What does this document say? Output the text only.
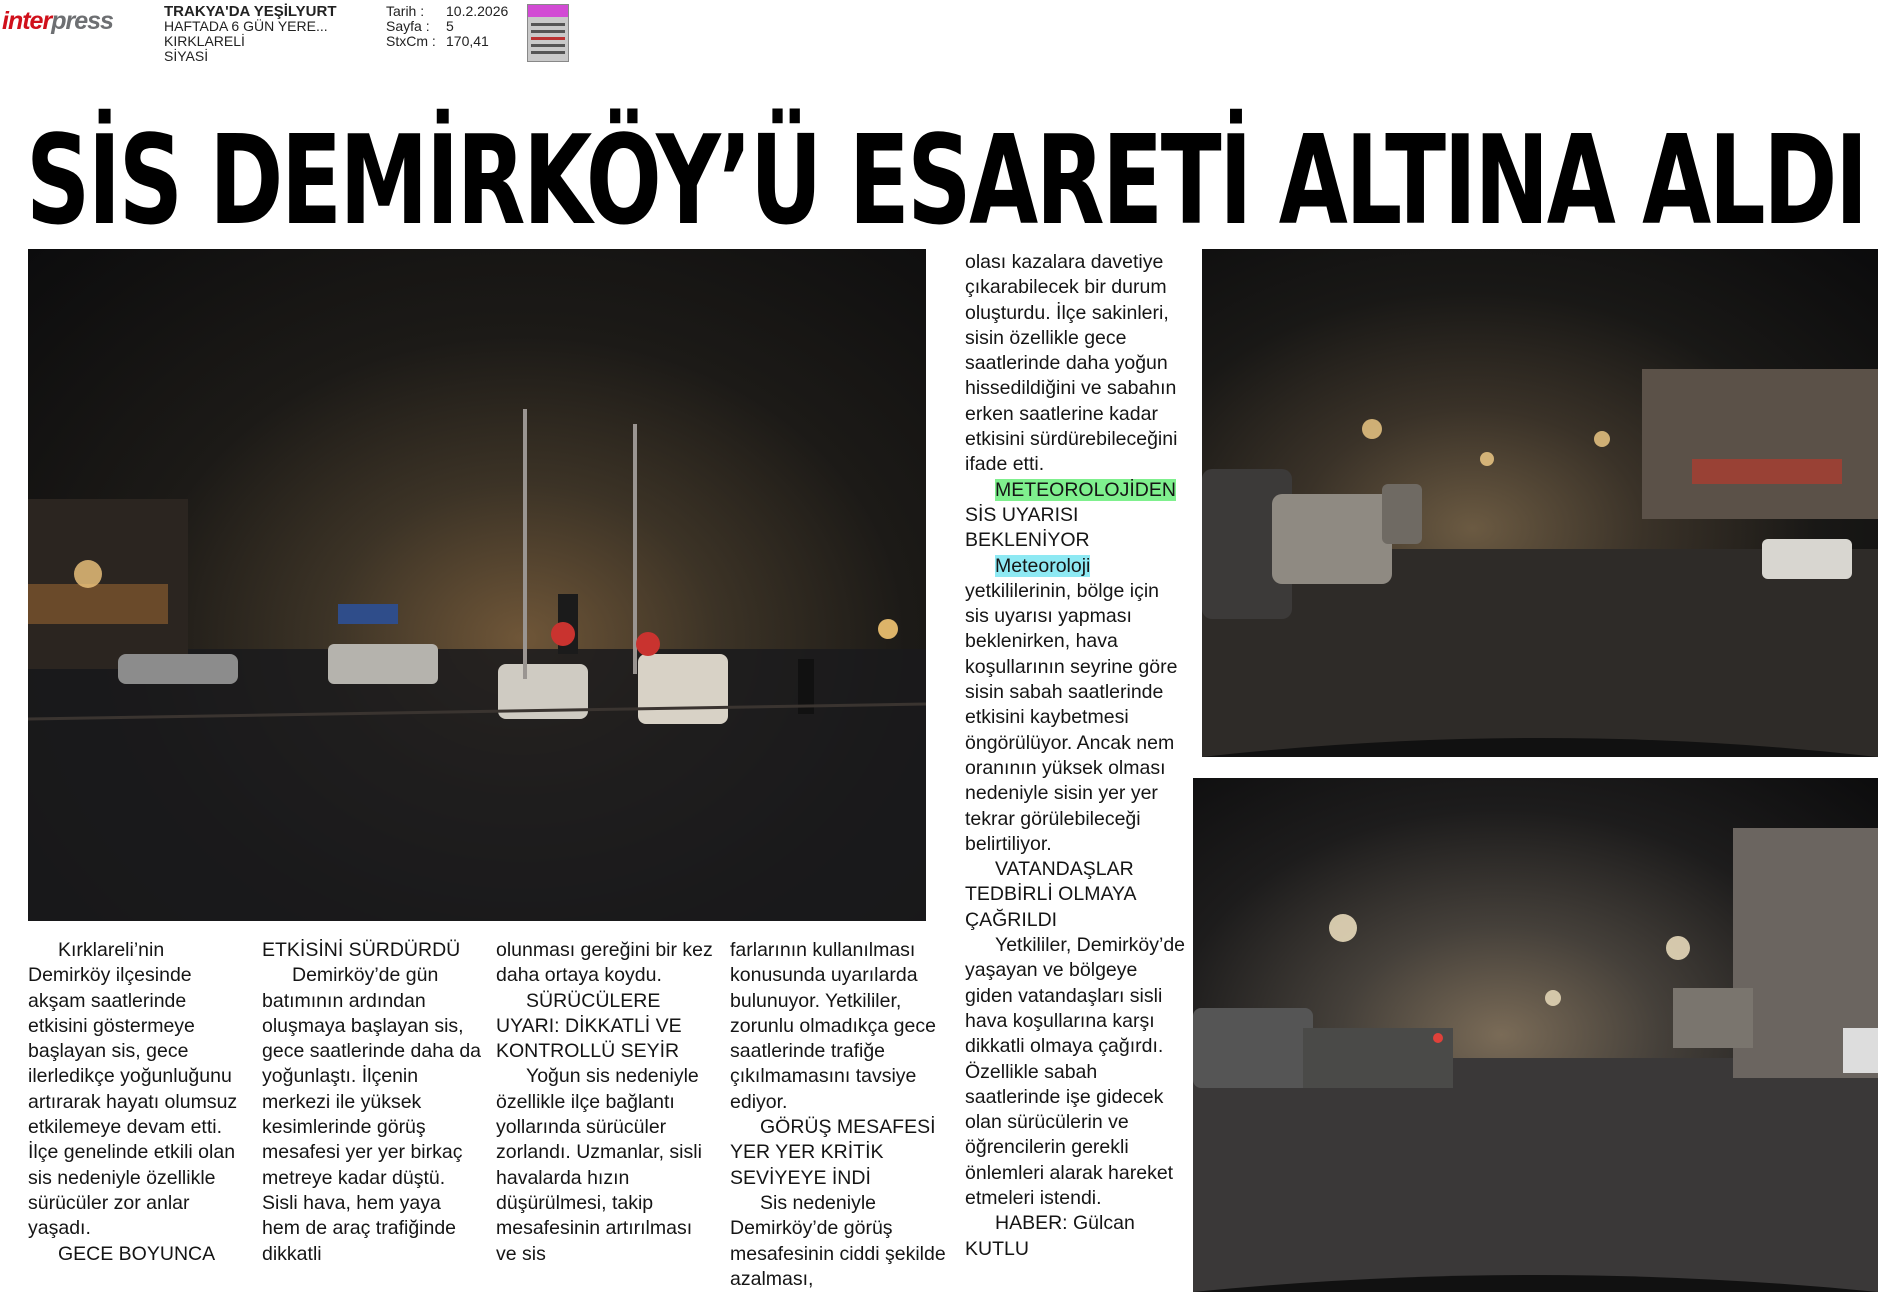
interpress	TRAKYA'DA YEŞİLYURT
HAFTADA 6 GÜN YERE...
KIRKLARELİ
SİYASİ
Tarih :	10.2.2026
Sayfa :	5
StxCm : 170,41
SİS DEMİRKÖY’Ü ESARETİ ALTINA ALDI

Kırklareli’nin Demirköy ilçesinde akşam saatlerinde etkisini göstermeye başlayan sis, gece ilerledikçe yoğunluğunu artırarak hayatı olumsuz etkilemeye devam etti. İlçe genelinde etkili olan sis nedeniyle özellikle sürücüler zor anlar yaşadı.

GECE BOYUNCA

ETKİSİNİ SÜRDÜRDÜ

Demirköy’de gün batımının ardından oluşmaya başlayan sis, gece saatlerinde daha da yoğunlaştı. İlçenin merkezi ile yüksek kesimlerinde görüş mesafesi yer yer birkaç metreye kadar düştü. Sisli hava, hem yaya hem de araç trafiğinde dikkatli

olunması gereğini bir kez daha ortaya koydu.

SÜRÜCÜLERE UYARI: DİKKATLİ VE KONTROLLÜ SEYİR

Yoğun sis nedeniyle özellikle ilçe bağlantı yollarında sürücüler zorlandı. Uzmanlar, sisli havalarda hızın düşürülmesi, takip mesafesinin artırılması ve sis

farlarının kullanılması konusunda uyarılarda bulunuyor. Yetkililer, zorunlu olmadıkça gece saatlerinde trafiğe çıkılmamasını tavsiye ediyor.

GÖRÜŞ MESAFESİ YER YER KRİTİK SEVİYEYE İNDİ

Sis nedeniyle Demirköy’de görüş mesafesinin ciddi şekilde azalması,

olası kazalara davetiye çıkarabilecek bir durum oluşturdu. İlçe sakinleri, sisin özellikle gece saatlerinde daha yoğun hissedildiğini ve sabahın erken saatlerine kadar etkisini sürdürebileceğini ifade etti.

METEOROLOJİDEN SİS UYARISI BEKLENİYOR

Meteoroloji yetkililerinin, bölge için sis uyarısı yapması beklenirken, hava koşullarının seyrine göre sisin sabah saatlerinde etkisini kaybetmesi öngörülüyor. Ancak nem oranının yüksek olması nedeniyle sisin yer yer tekrar görülebileceği belirtiliyor.

VATANDAŞLAR TEDBİRLİ OLMAYA ÇAĞRILDI

Yetkililer, Demirköy’de yaşayan ve bölgeye giden vatandaşları sisli hava koşullarına karşı dikkatli olmaya çağırdı. Özellikle sabah saatlerinde işe gidecek olan sürücülerin ve öğrencilerin gerekli önlemleri alarak hareket etmeleri istendi.

HABER: Gülcan KUTLU
